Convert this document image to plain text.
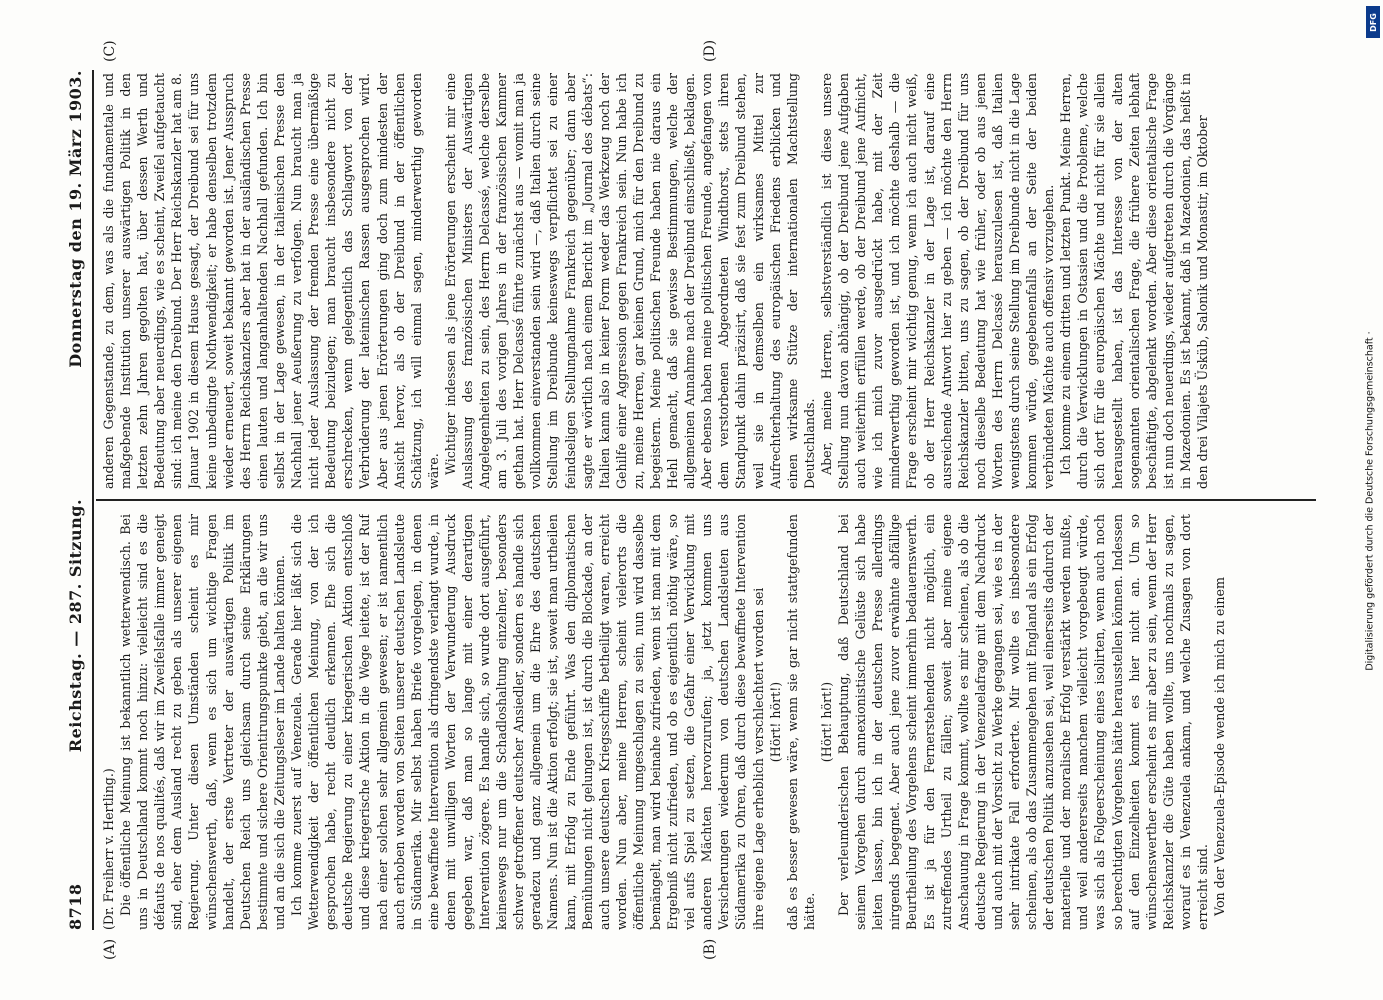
8718
Reichstag. — 287. Sitzung.
Donnerstag den 19. März 1903.
(A)	(B)
(C)	(D)

(Dr. Freiherr v. Hertling.) Die öffentliche Meinung ist bekanntlich wetterwendisch. Bei uns in Deutschland kommt noch hinzu: vielleicht sind es die défauts de nos qualités, daß wir im Zweifelsfalle immer geneigt sind, eher dem Ausland recht zu geben als unserer eigenen Regierung. Unter diesen Umständen scheint es mir wünschenswerth, daß, wenn es sich um wichtige Fragen handelt, der erste Vertreter der auswärtigen Politik im Deutschen Reich uns gleichsam durch seine Erklärungen bestimmte und sichere Orientirungspunkte giebt, an die wir uns und an die sich die Zeitungsleser im Lande halten können. Ich komme zuerst auf Venezuela. Gerade hier läßt sich die Wetterwendigkeit der öffentlichen Meinung, von der ich gesprochen habe, recht deutlich erkennen. Ehe sich die deutsche Regierung zu einer kriegerischen Aktion entschloß und diese kriegerische Aktion in die Wege leitete, ist der Ruf nach einer solchen sehr allgemein gewesen; er ist namentlich auch erhoben worden von Seiten unserer deutschen Landsleute in Südamerika. Mir selbst haben Briefe vorgelegen, in denen eine bewaffnete Intervention als dringendste verlangt wurde, in denen mit unwilligen Worten der Verwunderung Ausdruck gegeben war, daß man so lange mit einer derartigen Intervention zögere. Es handle sich, so wurde dort ausgeführt, keineswegs nur um die Schadloshaltung einzelner, besonders schwer getroffener deutscher Ansiedler, sondern es handle sich geradezu und ganz allgemein um die Ehre des deutschen Namens. Nun ist die Aktion erfolgt; sie ist, soweit man urtheilen kann, mit Erfolg zu Ende geführt. Was den diplomatischen Bemühungen nicht gelungen ist, ist durch die Blockade, an der auch unsere deutschen Kriegsschiffe betheiligt waren, erreicht worden. Nun aber, meine Herren, scheint vielerorts die öffentliche Meinung umgeschlagen zu sein, nun wird dasselbe bemängelt, man wird beinahe zufrieden, wenn ist man mit dem Ergebniß nicht zufrieden, und ob es eigentlich nöthig wäre, so viel aufs Spiel zu setzen, die Gefahr einer Verwicklung mit anderen Mächten hervorzurufen; ja, jetzt kommen uns Versicherungen wiederum von deutschen Landsleuten aus Südamerika zu Ohren, daß durch diese bewaffnete Intervention ihre eigene Lage erheblich verschlechtert worden sei (Hört! hört!) daß es besser gewesen wäre, wenn sie gar nicht stattgefunden hätte.

(Hört! hört!) Der verleumderischen Behauptung, daß Deutschland bei seinem Vorgehen durch annexionistische Gelüste sich habe leiten lassen, bin ich in der deutschen Presse allerdings nirgends begegnet. Aber auch jene zuvor erwähnte abfällige Beurtheilung des Vorgehens scheint immerhin bedauernswerth. Es ist ja für den Fernerstehenden nicht möglich, ein zutreffendes Urtheil zu fällen; soweit aber meine eigene Anschauung in Frage kommt, wollte es mir scheinen, als ob die deutsche Regierung in der Venezuelafrage mit dem Nachdruck und auch mit der Vorsicht zu Werke gegangen sei, wie es in der sehr intrikate Fall erforderte. Mir wollte es insbesondere scheinen, als ob das Zusammengehen mit England als ein Erfolg der deutschen Politik anzusehen sei, weil einerseits dadurch der materielle und der moralische Erfolg verstärkt werden mußte, und weil andererseits manchem vielleicht vorgebeugt würde, was sich als Folgeerscheinung eines isolirten, wenn auch noch so berechtigten Vorgehens hätte herausstellen können. Indessen auf den Einzelheiten kommt es hier nicht an. Um so wünschenswerther erscheint es mir aber zu sein, wenn der Herr Reichskanzler die Güte haben wollte, uns nochmals zu sagen, worauf es in Venezuela ankam, und welche Zusagen von dort erreicht sind. Von der Venezuela-Episode wende ich mich zu einem

anderen Gegenstande, zu dem, was als die fundamentale und maßgebende Institution unserer auswärtigen Politik in den letzten zehn Jahren gegolten hat, über dessen Werth und Bedeutung aber neuerdings, wie es scheint, Zweifel aufgetaucht sind: ich meine den Dreibund. Der Herr Reichskanzler hat am 8. Januar 1902 in diesem Hause gesagt, der Dreibund sei für uns keine unbedingte Nothwendigkeit; er habe denselben trotzdem wieder erneuert, soweit bekannt geworden ist. Jener Ausspruch des Herrn Reichskanzlers aber hat in der ausländischen Presse einen lauten und langanhaltenden Nachhall gefunden. Ich bin selbst in der Lage gewesen, in der italienischen Presse den Nachhall jener Aeußerung zu verfolgen. Nun braucht man ja nicht jeder Auslassung der fremden Presse eine übermäßige Bedeutung beizulegen; man braucht insbesondere nicht zu erschrecken, wenn gelegentlich das Schlagwort von der Verbrüderung der lateinischen Rassen ausgesprochen wird. Aber aus jenen Erörterungen ging doch zum mindesten der Ansicht hervor, als ob der Dreibund in der öffentlichen Schätzung, ich will einmal sagen, minderwerthig geworden wäre. Wichtiger indessen als jene Erörterungen erscheint mir eine Auslassung des französischen Ministers der Auswärtigen Angelegenheiten zu sein, des Herrn Delcassé, welche derselbe am 3. Juli des vorigen Jahres in der französischen Kammer gethan hat. Herr Delcassé führte zunächst aus — womit man ja vollkommen einverstanden sein wird —, daß Italien durch seine Stellung im Dreibunde keineswegs verpflichtet sei zu einer feindseligen Stellungnahme Frankreich gegenüber; dann aber sagte er wörtlich nach einem Bericht im „Journal des débats“: Italien kann also in keiner Form weder das Werkzeug noch der Gehilfe einer Aggression gegen Frankreich sein. Nun habe ich zu, meine Herren, gar keinen Grund, mich für den Dreibund zu begeistern. Meine politischen Freunde haben nie daraus ein Hehl gemacht, daß sie gewisse Bestimmungen, welche der allgemeinen Annahme nach der Dreibund einschließt, beklagen. Aber ebenso haben meine politischen Freunde, angefangen von dem verstorbenen Abgeordneten Windthorst, stets ihren Standpunkt dahin präzisirt, daß sie fest zum Dreibund stehen, weil sie in demselben ein wirksames Mittel zur Aufrechterhaltung des europäischen Friedens erblicken und einen wirksame Stütze der internationalen Machtstellung Deutschlands. Aber, meine Herren, selbstverständlich ist diese unsere Stellung nun davon abhängig, ob der Dreibund jene Aufgaben auch weiterhin erfüllen werde, ob der Dreibund jene Aufnicht, wie ich mich zuvor ausgedrückt habe, mit der Zeit minderwerthig geworden ist, und ich möchte deshalb — die Frage erscheint mir wichtig genug, wenn ich auch nicht weiß, ob der Herr Reichskanzler in der Lage ist, darauf eine ausreichende Antwort hier zu geben — ich möchte den Herrn Reichskanzler bitten, uns zu sagen, ob der Dreibund für uns noch dieselbe Bedeutung hat wie früher, oder ob aus jenen Worten des Herrn Delcassé herauszulesen ist, daß Italien wenigstens durch seine Stellung im Dreibunde nicht in die Lage kommen würde, gegebenenfalls an der Seite der beiden verbündeten Mächte auch offensiv vorzugehen. Ich komme zu einem dritten und letzten Punkt. Meine Herren, durch die Verwicklungen in Ostasien und die Probleme, welche sich dort für die europäischen Mächte und nicht für sie allein herausgestellt haben, ist das Interesse von der alten sogenannten orientalischen Frage, die frühere Zeiten lebhaft beschäftigte, abgelenkt worden. Aber diese orientalische Frage ist nun doch neuerdings, wieder aufgetreten durch die Vorgänge in Mazedonien. Es ist bekannt, daß in Mazedonien, das heißt in den drei Vilajets Üsküb, Salonik und Monastir, im Oktober

DFG
Digitalisierung gefördert durch die Deutsche Forschungsgemeinschaft ·
